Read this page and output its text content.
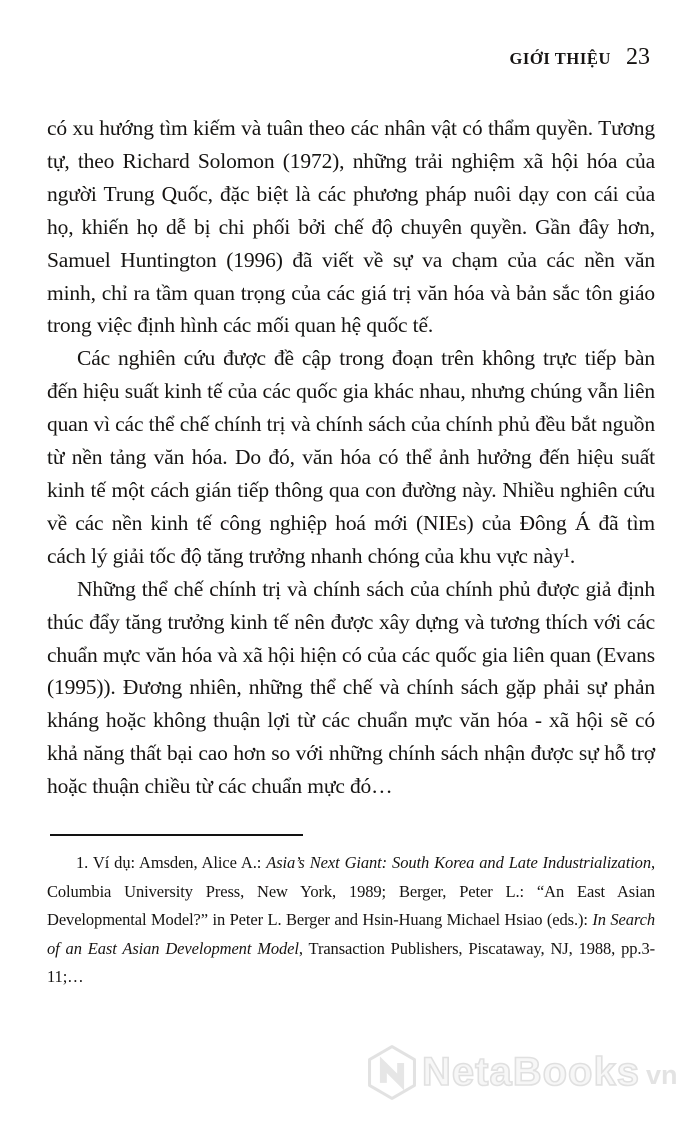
GIỚI THIỆU 23

có xu hướng tìm kiếm và tuân theo các nhân vật có thẩm quyền. Tương tự, theo Richard Solomon (1972), những trải nghiệm xã hội hóa của người Trung Quốc, đặc biệt là các phương pháp nuôi dạy con cái của họ, khiến họ dễ bị chi phối bởi chế độ chuyên quyền. Gần đây hơn, Samuel Huntington (1996) đã viết về sự va chạm của các nền văn minh, chỉ ra tầm quan trọng của các giá trị văn hóa và bản sắc tôn giáo trong việc định hình các mối quan hệ quốc tế.

Các nghiên cứu được đề cập trong đoạn trên không trực tiếp bàn đến hiệu suất kinh tế của các quốc gia khác nhau, nhưng chúng vẫn liên quan vì các thể chế chính trị và chính sách của chính phủ đều bắt nguồn từ nền tảng văn hóa. Do đó, văn hóa có thể ảnh hưởng đến hiệu suất kinh tế một cách gián tiếp thông qua con đường này. Nhiều nghiên cứu về các nền kinh tế công nghiệp hoá mới (NIEs) của Đông Á đã tìm cách lý giải tốc độ tăng trưởng nhanh chóng của khu vực này¹.

Những thể chế chính trị và chính sách của chính phủ được giả định thúc đẩy tăng trưởng kinh tế nên được xây dựng và tương thích với các chuẩn mực văn hóa và xã hội hiện có của các quốc gia liên quan (Evans (1995)). Đương nhiên, những thể chế và chính sách gặp phải sự phản kháng hoặc không thuận lợi từ các chuẩn mực văn hóa - xã hội sẽ có khả năng thất bại cao hơn so với những chính sách nhận được sự hỗ trợ hoặc thuận chiều từ các chuẩn mực đó…

1. Ví dụ: Amsden, Alice A.: Asia’s Next Giant: South Korea and Late Industrialization, Columbia University Press, New York, 1989; Berger, Peter L.: “An East Asian Developmental Model?” in Peter L. Berger and Hsin-Huang Michael Hsiao (eds.): In Search of an East Asian Development Model, Transaction Publishers, Piscataway, NJ, 1988, pp.3-11;…

NetaBooks vn
